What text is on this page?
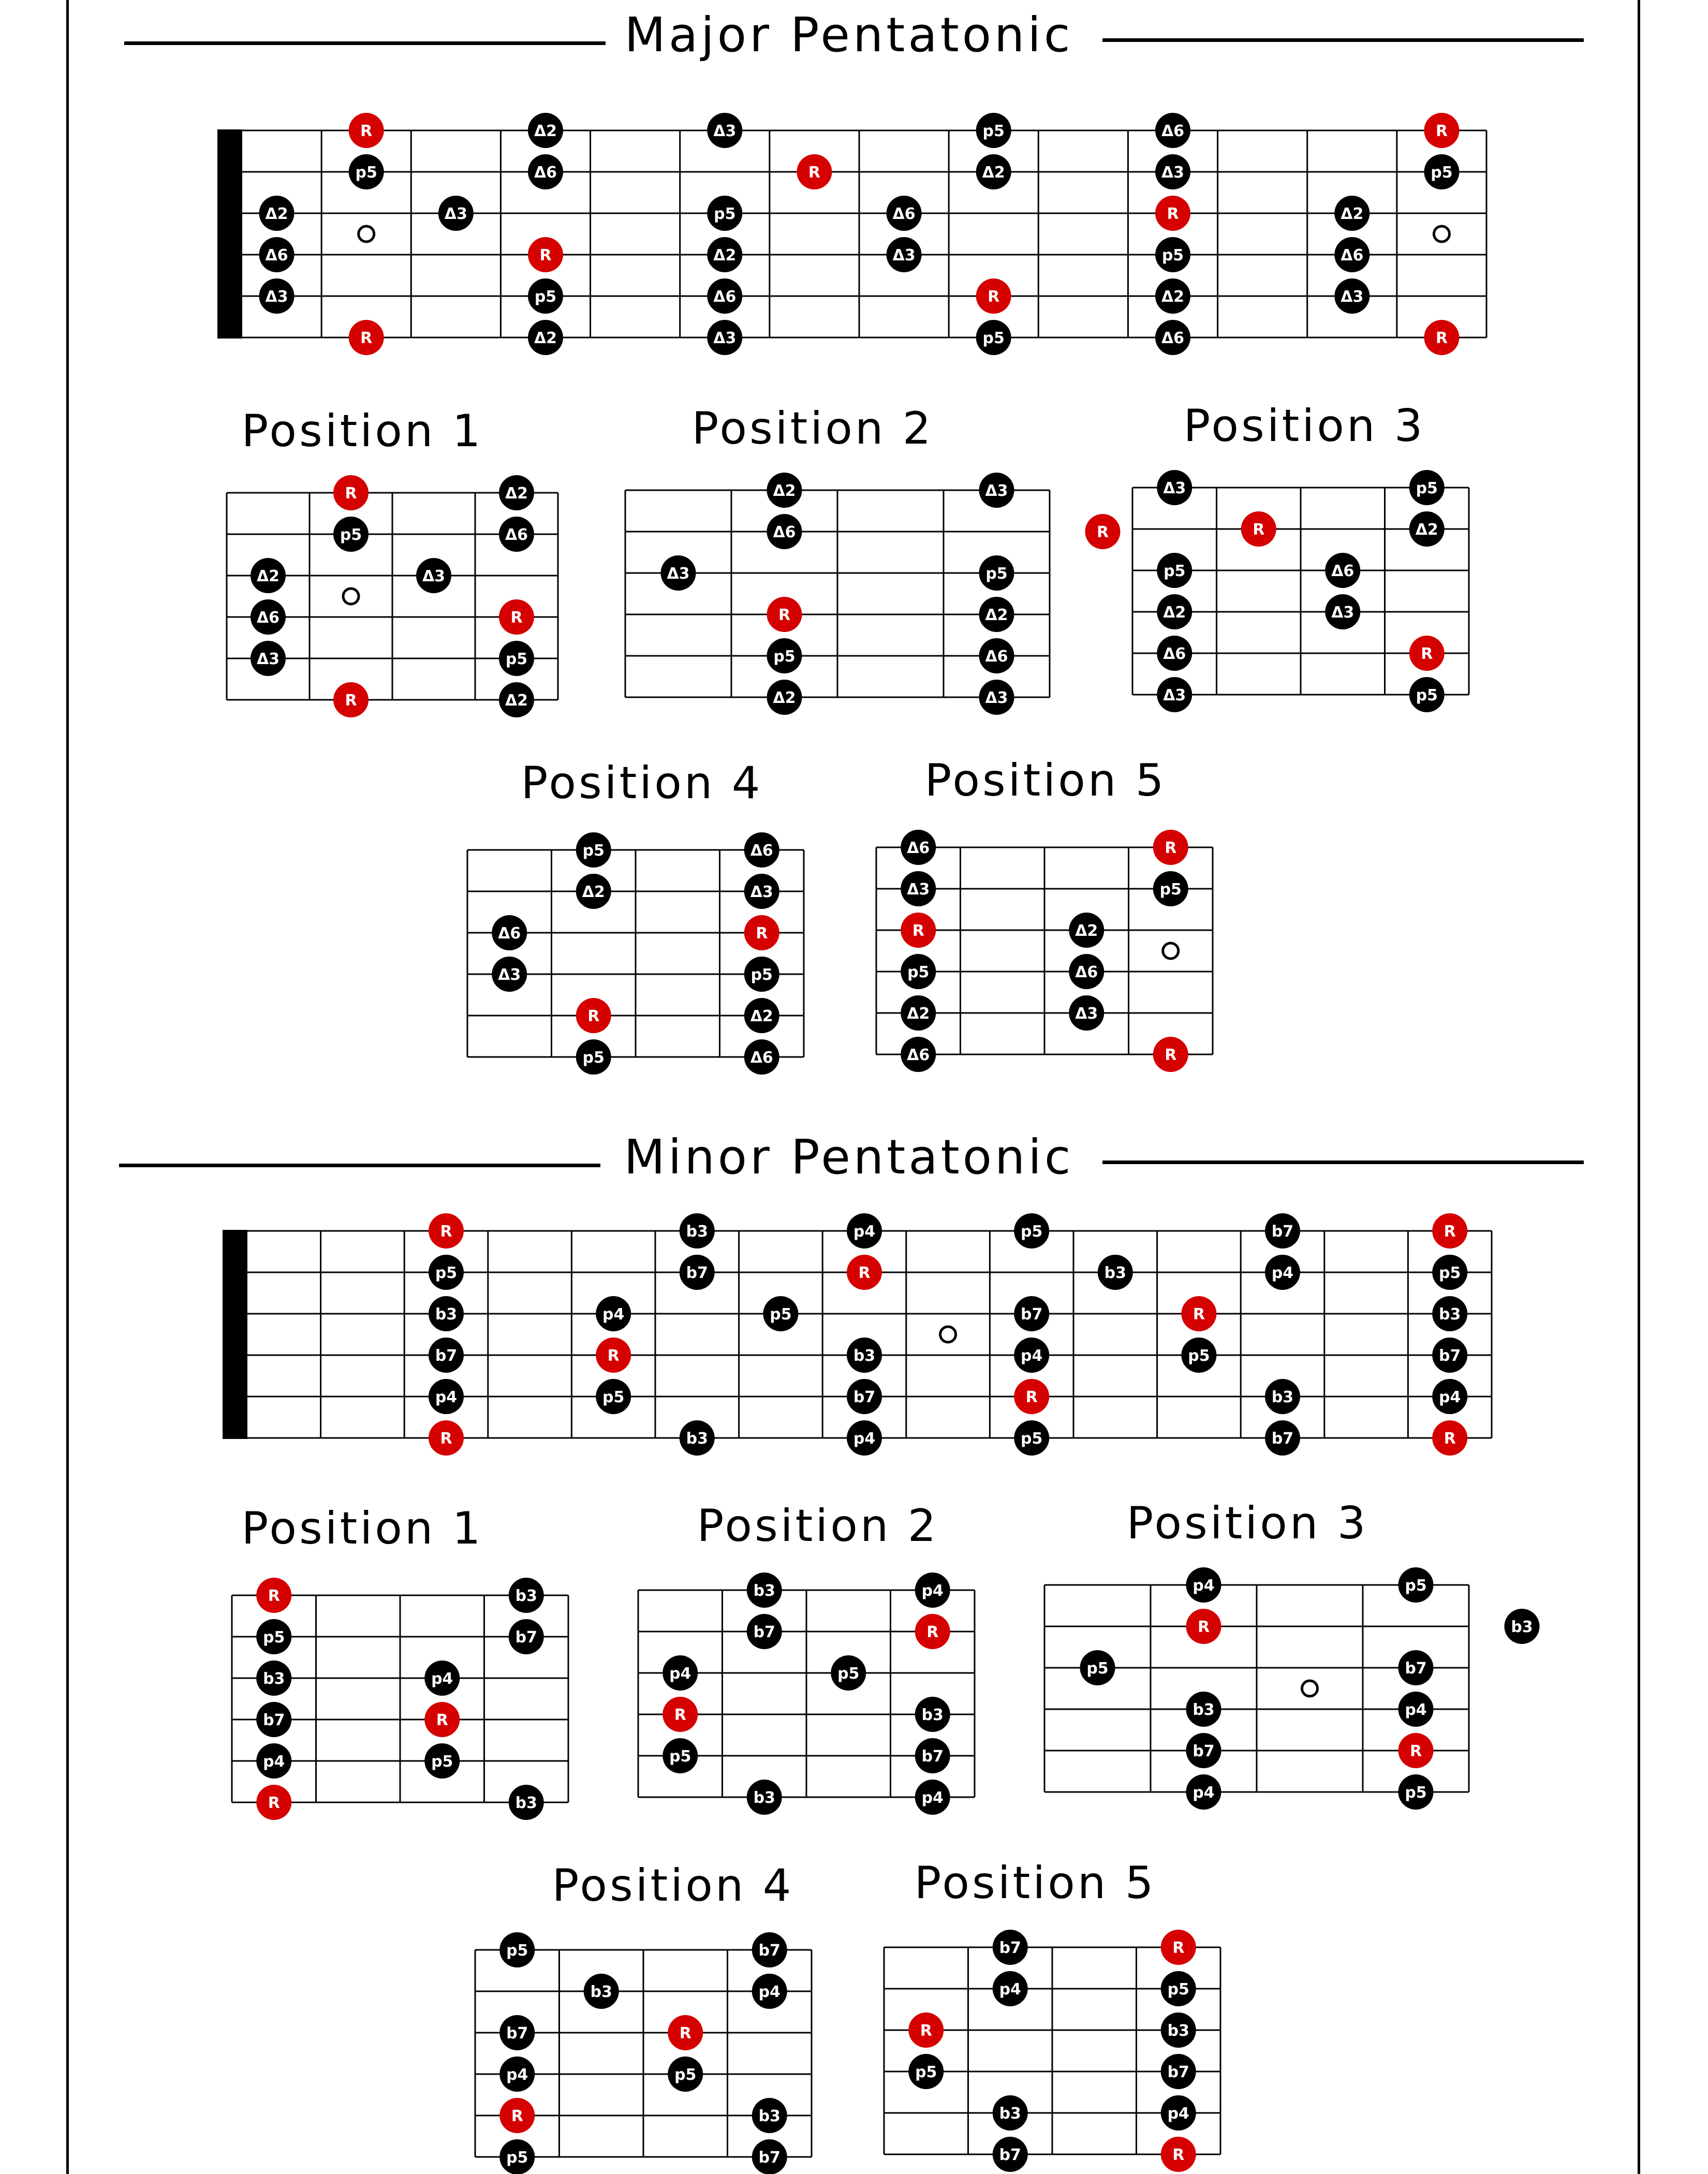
Major Pentatonic
Minor Pentatonic
Position 1	Position 2	Position 3
Position 4	Position 5
Position 1	Position 2	Position 3
Position 4	Position 5
R
p5
R
Δ2
Δ6
Δ3
Δ3
Δ2
Δ6
R
p5
Δ2
Δ3
p5
Δ2
Δ6
Δ3
R
Δ6
Δ3
p5
Δ2
R
p5
Δ6
Δ3
R
p5
Δ2
Δ6
Δ2
Δ6
Δ3
R
p5
R
R
p5
b3
b7
p4
R
p4
R
p5
b3
b7
b3
p5
p4
R
b3
b7
p4
p5
b7
p4
R
p5
b3
R
p5
b7
p4
b3
b7
R
p5
b3
b7
p4
R
R
p5
R
Δ2
Δ6
Δ3
Δ3
Δ2
Δ6
R
p5
Δ2
R
p5
b3
b7
p4
R
p4
R
p5
b3
b7
b3
Δ2
Δ6
R
p5
Δ2
Δ3
Δ3
p5
Δ2
Δ6
Δ3
R
p4
R
p5
b3
b7
b3
p5
p4
R
b3
b7
p4
Δ3
p5
Δ2
Δ6
Δ3
R
Δ6
Δ3
p5
Δ2
R
p5
p5
p4
R
b3
b7
p4
p5
b7
p4
R
p5
b3
Δ6
Δ3
p5
Δ2
R
p5
Δ6
Δ3
R
p5
Δ2
Δ6
p5
b7
p4
R
p5
b3
R
p5
b7
p4
b3
b7
Δ6
Δ3
R
p5
Δ2
Δ6
Δ2
Δ6
Δ3
R
p5
R
R
p5
b7
p4
b3
b7
R
p5
b3
b7
p4
R
